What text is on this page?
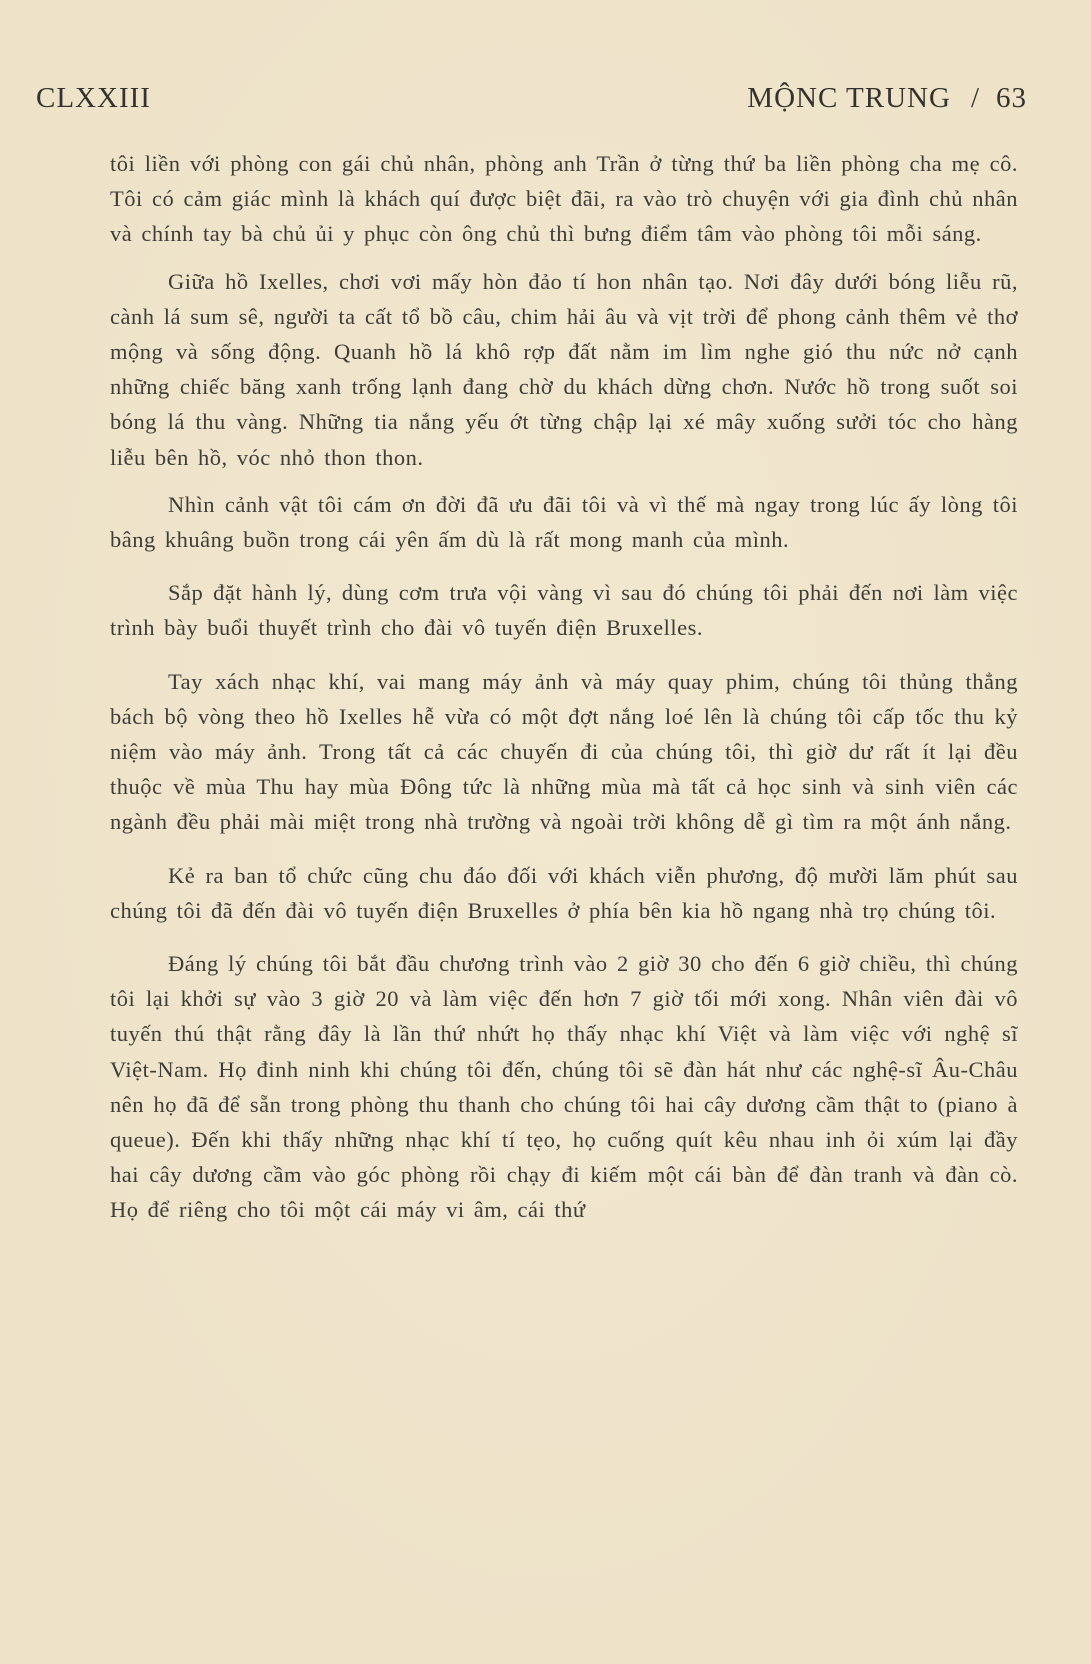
CLXXIII	MỘNC TRUNG / 63

tôi liền với phòng con gái chủ nhân, phòng anh Trần ở từng thứ ba liền phòng cha mẹ cô. Tôi có cảm giác mình là khách quí được biệt đãi, ra vào trò chuyện với gia đình chủ nhân và chính tay bà chủ ủi y phục còn ông chủ thì bưng điểm tâm vào phòng tôi mỗi sáng.

Giữa hồ Ixelles, chơi vơi mấy hòn đảo tí hon nhân tạo. Nơi đây dưới bóng liễu rũ, cành lá sum sê, người ta cất tổ bồ câu, chim hải âu và vịt trời để phong cảnh thêm vẻ thơ mộng và sống động. Quanh hồ lá khô rợp đất nằm im lìm nghe gió thu nức nở cạnh những chiếc băng xanh trống lạnh đang chờ du khách dừng chơn. Nước hồ trong suốt soi bóng lá thu vàng. Những tia nắng yếu ớt từng chập lại xé mây xuống sưởi tóc cho hàng liễu bên hồ, vóc nhỏ thon thon.

Nhìn cảnh vật tôi cám ơn đời đã ưu đãi tôi và vì thế mà ngay trong lúc ấy lòng tôi bâng khuâng buồn trong cái yên ấm dù là rất mong manh của mình.

Sắp đặt hành lý, dùng cơm trưa vội vàng vì sau đó chúng tôi phải đến nơi làm việc trình bày buổi thuyết trình cho đài vô tuyến điện Bruxelles.

Tay xách nhạc khí, vai mang máy ảnh và máy quay phim, chúng tôi thủng thẳng bách bộ vòng theo hồ Ixelles hễ vừa có một đợt nắng loé lên là chúng tôi cấp tốc thu kỷ niệm vào máy ảnh. Trong tất cả các chuyến đi của chúng tôi, thì giờ dư rất ít lại đều thuộc về mùa Thu hay mùa Đông tức là những mùa mà tất cả học sinh và sinh viên các ngành đều phải mài miệt trong nhà trường và ngoài trời không dễ gì tìm ra một ánh nắng.

Kẻ ra ban tổ chức cũng chu đáo đối với khách viễn phương, độ mười lăm phút sau chúng tôi đã đến đài vô tuyến điện Bruxelles ở phía bên kia hồ ngang nhà trọ chúng tôi.

Đáng lý chúng tôi bắt đầu chương trình vào 2 giờ 30 cho đến 6 giờ chiều, thì chúng tôi lại khởi sự vào 3 giờ 20 và làm việc đến hơn 7 giờ tối mới xong. Nhân viên đài vô tuyến thú thật rằng đây là lần thứ nhứt họ thấy nhạc khí Việt và làm việc với nghệ sĩ Việt-Nam. Họ đinh ninh khi chúng tôi đến, chúng tôi sẽ đàn hát như các nghệ-sĩ Âu-Châu nên họ đã để sẵn trong phòng thu thanh cho chúng tôi hai cây dương cầm thật to (piano à queue). Đến khi thấy những nhạc khí tí tẹo, họ cuống quít kêu nhau inh ỏi xúm lại đầy hai cây dương cầm vào góc phòng rồi chạy đi kiếm một cái bàn để đàn tranh và đàn cò. Họ để riêng cho tôi một cái máy vi âm, cái thứ
